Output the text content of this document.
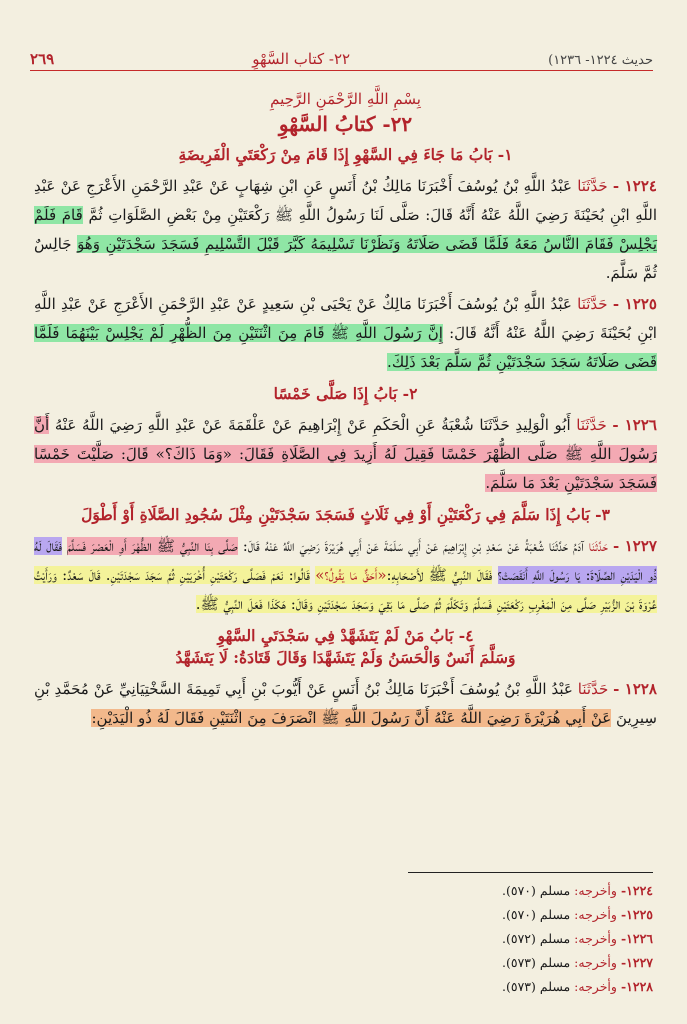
حديث ١٢٢٤- ١٢٣٦)
٢٢- كتاب السَّهْوِ
٢٦٩
بِسْمِ اللَّهِ الرَّحْمَنِ الرَّحِيمِ
٢٢- كتابُ السَّهْوِ
١- بَابُ مَا جَاءَ فِي السَّهْوِ إِذَا قَامَ مِنْ رَكْعَتَيِ الْفَرِيضَةِ

١٢٢٤ - حَدَّثَنَا عَبْدُ اللَّهِ بْنُ يُوسُفَ أَخْبَرَنَا مَالِكُ بْنُ أَنَسٍ عَنِ ابْنِ شِهَابٍ عَنْ عَبْدِ الرَّحْمَنِ الأَعْرَجِ عَنْ عَبْدِ اللَّهِ ابْنِ بُحَيْنَةَ رَضِيَ اللَّهُ عَنْهُ أَنَّهُ قَالَ: صَلَّى لَنَا رَسُولُ اللَّهِ ﷺ رَكْعَتَيْنِ مِنْ بَعْضِ الصَّلَوَاتِ ثُمَّ قَامَ فَلَمْ يَجْلِسْ فَقَامَ النَّاسُ مَعَهُ فَلَمَّا قَضَى صَلَاتَهُ وَنَظَرْنَا تَسْلِيمَهُ كَبَّرَ قَبْلَ التَّسْلِيمِ فَسَجَدَ سَجْدَتَيْنِ وَهُوَ جَالِسٌ ثُمَّ سَلَّمَ.

١٢٢٥ - حَدَّثَنَا عَبْدُ اللَّهِ بْنُ يُوسُفَ أَخْبَرَنَا مَالِكٌ عَنْ يَحْيَى بْنِ سَعِيدٍ عَنْ عَبْدِ الرَّحْمَنِ الأَعْرَجِ عَنْ عَبْدِ اللَّهِ ابْنِ بُحَيْنَةَ رَضِيَ اللَّهُ عَنْهُ أَنَّهُ قَالَ: إِنَّ رَسُولَ اللَّهِ ﷺ قَامَ مِنَ اثْنَتَيْنِ مِنَ الظُّهْرِ لَمْ يَجْلِسْ بَيْنَهُمَا فَلَمَّا قَضَى صَلَاتَهُ سَجَدَ سَجْدَتَيْنِ ثُمَّ سَلَّمَ بَعْدَ ذَلِكَ.

٢- بَابُ إِذَا صَلَّى خَمْسًا

١٢٢٦ - حَدَّثَنَا أَبُو الْوَلِيدِ حَدَّثَنَا شُعْبَةُ عَنِ الْحَكَمِ عَنْ إِبْرَاهِيمَ عَنْ عَلْقَمَةَ عَنْ عَبْدِ اللَّهِ رَضِيَ اللَّهُ عَنْهُ أَنَّ رَسُولَ اللَّهِ ﷺ صَلَّى الظُّهْرَ خَمْسًا فَقِيلَ لَهُ أَزِيدَ فِي الصَّلَاةِ فَقَالَ: «وَمَا ذَاكَ؟» قَالَ: صَلَّيْتَ خَمْسًا فَسَجَدَ سَجْدَتَيْنِ بَعْدَ مَا سَلَّمَ.

٣- بَابُ إِذَا سَلَّمَ فِي رَكْعَتَيْنِ أَوْ فِي ثَلَاثٍ فَسَجَدَ سَجْدَتَيْنِ مِثْلَ سُجُودِ الصَّلَاةِ أَوْ أَطْوَلَ

١٢٢٧ - حَدَّثَنَا آدَمُ حَدَّثَنَا شُعْبَةُ عَنْ سَعْدِ بْنِ إِبْرَاهِيمَ عَنْ أَبِي سَلَمَةَ عَنْ أَبِي هُرَيْرَةَ رَضِيَ اللَّهُ عَنْهُ قَالَ: صَلَّى بِنَا النَّبِيُّ ﷺ الظُّهْرَ أَوِ الْعَصْرَ فَسَلَّمَ فَقَالَ لَهُ ذُو الْيَدَيْنِ الصَّلَاةَ: يَا رَسُولَ اللَّهِ أَنَقَصَتْ؟ فَقَالَ النَّبِيُّ ﷺ لأَصْحَابِهِ:«أَحَقٌّ مَا يَقُولُ؟» قَالُوا: نَعَمْ فَصَلَّى رَكْعَتَيْنِ أُخْرَيَيْنِ ثُمَّ سَجَدَ سَجْدَتَيْنِ. قَالَ سَعْدٌ: وَرَأَيْتُ عُرْوَةَ بْنَ الزُّبَيْرِ صَلَّى مِنَ الْمَغْرِبِ رَكْعَتَيْنِ فَسَلَّمَ وَتَكَلَّمَ ثُمَّ صَلَّى مَا بَقِيَ وَسَجَدَ سَجْدَتَيْنِ وَقَالَ: هَكَذَا فَعَلَ النَّبِيُّ ﷺ.

٤- بَابُ مَنْ لَمْ يَتَشَهَّدْ فِي سَجْدَتَيِ السَّهْوِ
وَسَلَّمَ أَنَسٌ وَالْحَسَنُ وَلَمْ يَتَشَهَّدَا وَقَالَ قَتَادَةُ: لَا يَتَشَهَّدُ

١٢٢٨ - حَدَّثَنَا عَبْدُ اللَّهِ بْنُ يُوسُفَ أَخْبَرَنَا مَالِكُ بْنُ أَنَسٍ عَنْ أَيُّوبَ بْنِ أَبِي تَمِيمَةَ السَّخْتِيَانِيِّ عَنْ مُحَمَّدِ بْنِ سِيرِينَ عَنْ أَبِي هُرَيْرَةَ رَضِيَ اللَّهُ عَنْهُ أَنَّ رَسُولَ اللَّهِ ﷺ انْصَرَفَ مِنَ اثْنَتَيْنِ فَقَالَ لَهُ ذُو الْيَدَيْنِ:

١٢٢٤- وأخرجه: مسلم (٥٧٠).
١٢٢٥- وأخرجه: مسلم (٥٧٠).
١٢٢٦- وأخرجه: مسلم (٥٧٢).
١٢٢٧- وأخرجه: مسلم (٥٧٣).
١٢٢٨- وأخرجه: مسلم (٥٧٣).
